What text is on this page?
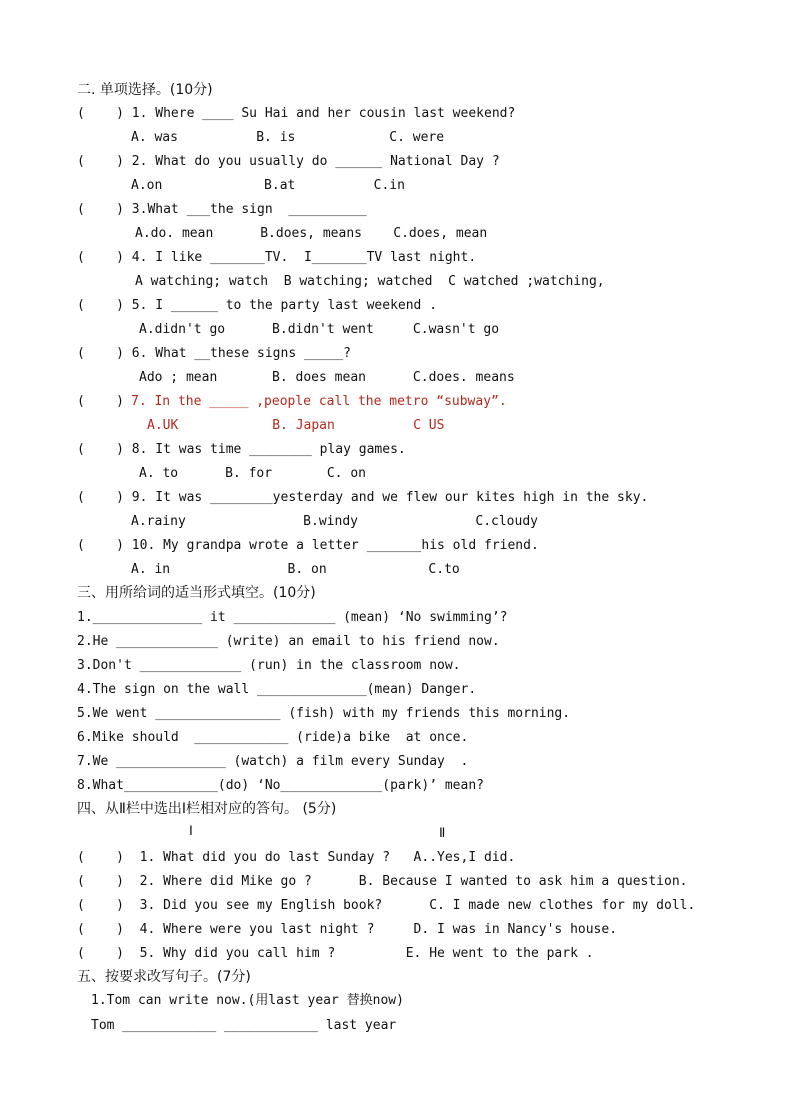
二. 单项选择。(10分)
(    ) 1. Where ____ Su Hai and her cousin last weekend?
A. was          B. is            C. were
(    ) 2. What do you usually do ______ National Day ?
A.on             B.at          C.in
(    ) 3.What ___the sign  __________
A.do. mean      B.does, means    C.does, mean
(    ) 4. I like _______TV.  I_______TV last night.
A watching; watch  B watching; watched  C watched ;watching,
(    ) 5. I ______ to the party last weekend .
A.didn't go      B.didn't went     C.wasn't go
(    ) 6. What __these signs _____?
Ado ; mean       B. does mean      C.does. means
(    ) 7. In the _____ ,people call the metro “subway”.
A.UK            B. Japan          C US
(    ) 8. It was time ________ play games.
A. to      B. for       C. on
(    ) 9. It was ________yesterday and we flew our kites high in the sky.
A.rainy               B.windy               C.cloudy
(    ) 10. My grandpa wrote a letter _______his old friend.
A. in               B. on             C.to
三、用所给词的适当形式填空。(10分)
1.______________ it _____________ (mean) ‘No swimming’?
2.He _____________ (write) an email to his friend now.
3.Don't _____________ (run) in the classroom now.
4.The sign on the wall ______________(mean) Danger.
5.We went ________________ (fish) with my friends this morning.
6.Mike should  ____________ (ride)a bike  at once.
7.We ______________ (watch) a film every Sunday  .
8.What____________(do) ‘No_____________(park)’ mean?
四、从Ⅱ栏中选出Ⅰ栏相对应的答句。 (5分)
Ⅰ	Ⅱ
(    )  1. What did you do last Sunday ?   A..Yes,I did.
(    )  2. Where did Mike go ?      B. Because I wanted to ask him a question.
(    )  3. Did you see my English book?      C. I made new clothes for my doll.
(    )  4. Where were you last night ?     D. I was in Nancy's house.
(    )  5. Why did you call him ?         E. He went to the park .
五、按要求改写句子。(7分)
1.Tom can write now.(用last year 替换now)
Tom ____________ ____________ last year
